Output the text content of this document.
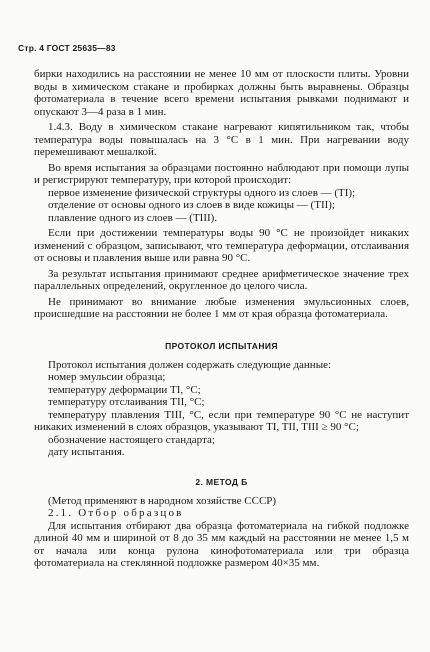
Стр. 4 ГОСТ 25635—83

бирки находились на расстоянии не менее 10 мм от плоскости плиты. Уровни воды в химическом стакане и пробирках должны быть выравнены. Образцы фотоматериала в течение всего времени испытания рывками поднимают и опускают 3—4 раза в 1 мин.

1.4.3. Воду в химическом стакане нагревают кипятильником так, чтобы температура воды повышалась на 3 °С в 1 мин. При нагревании воду перемешивают мешалкой.

Во время испытания за образцами постоянно наблюдают при помощи лупы и регистрируют температуру, при которой происходит:

первое изменение физической структуры одного из слоев — (TI);

отделение от основы одного из слоев в виде кожицы — (TII);

плавление одного из слоев — (TIII).

Если при достижении температуры воды 90 °С не произойдет никаких изменений с образцом, записывают, что температура деформации, отслаивания от основы и плавления выше или равна 90 °С.

За результат испытания принимают среднее арифметическое значение трех параллельных определений, округленное до целого числа.

Не принимают во внимание любые изменения эмульсионных слоев, происшедшие на расстоянии не более 1 мм от края образца фотоматериала.

ПРОТОКОЛ ИСПЫТАНИЯ

Протокол испытания должен содержать следующие данные:

номер эмульсии образца;

температуру деформации TI, °С;

температуру отслаивания TII, °С;

температуру плавления TIII, °С, если при температуре 90 °С не наступит никаких изменений в слоях образцов, указывают TI, TII, TIII ≥ 90 °С;

обозначение настоящего стандарта;

дату испытания.

2. МЕТОД Б

(Метод применяют в народном хозяйстве СССР)

2.1. Отбор образцов

Для испытания отбирают два образца фотоматериала на гибкой подложке длиной 40 мм и шириной от 8 до 35 мм каждый на расстоянии не менее 1,5 м от начала или конца рулона кинофотоматериала или три образца фотоматериала на стеклянной подложке размером 40×35 мм.
